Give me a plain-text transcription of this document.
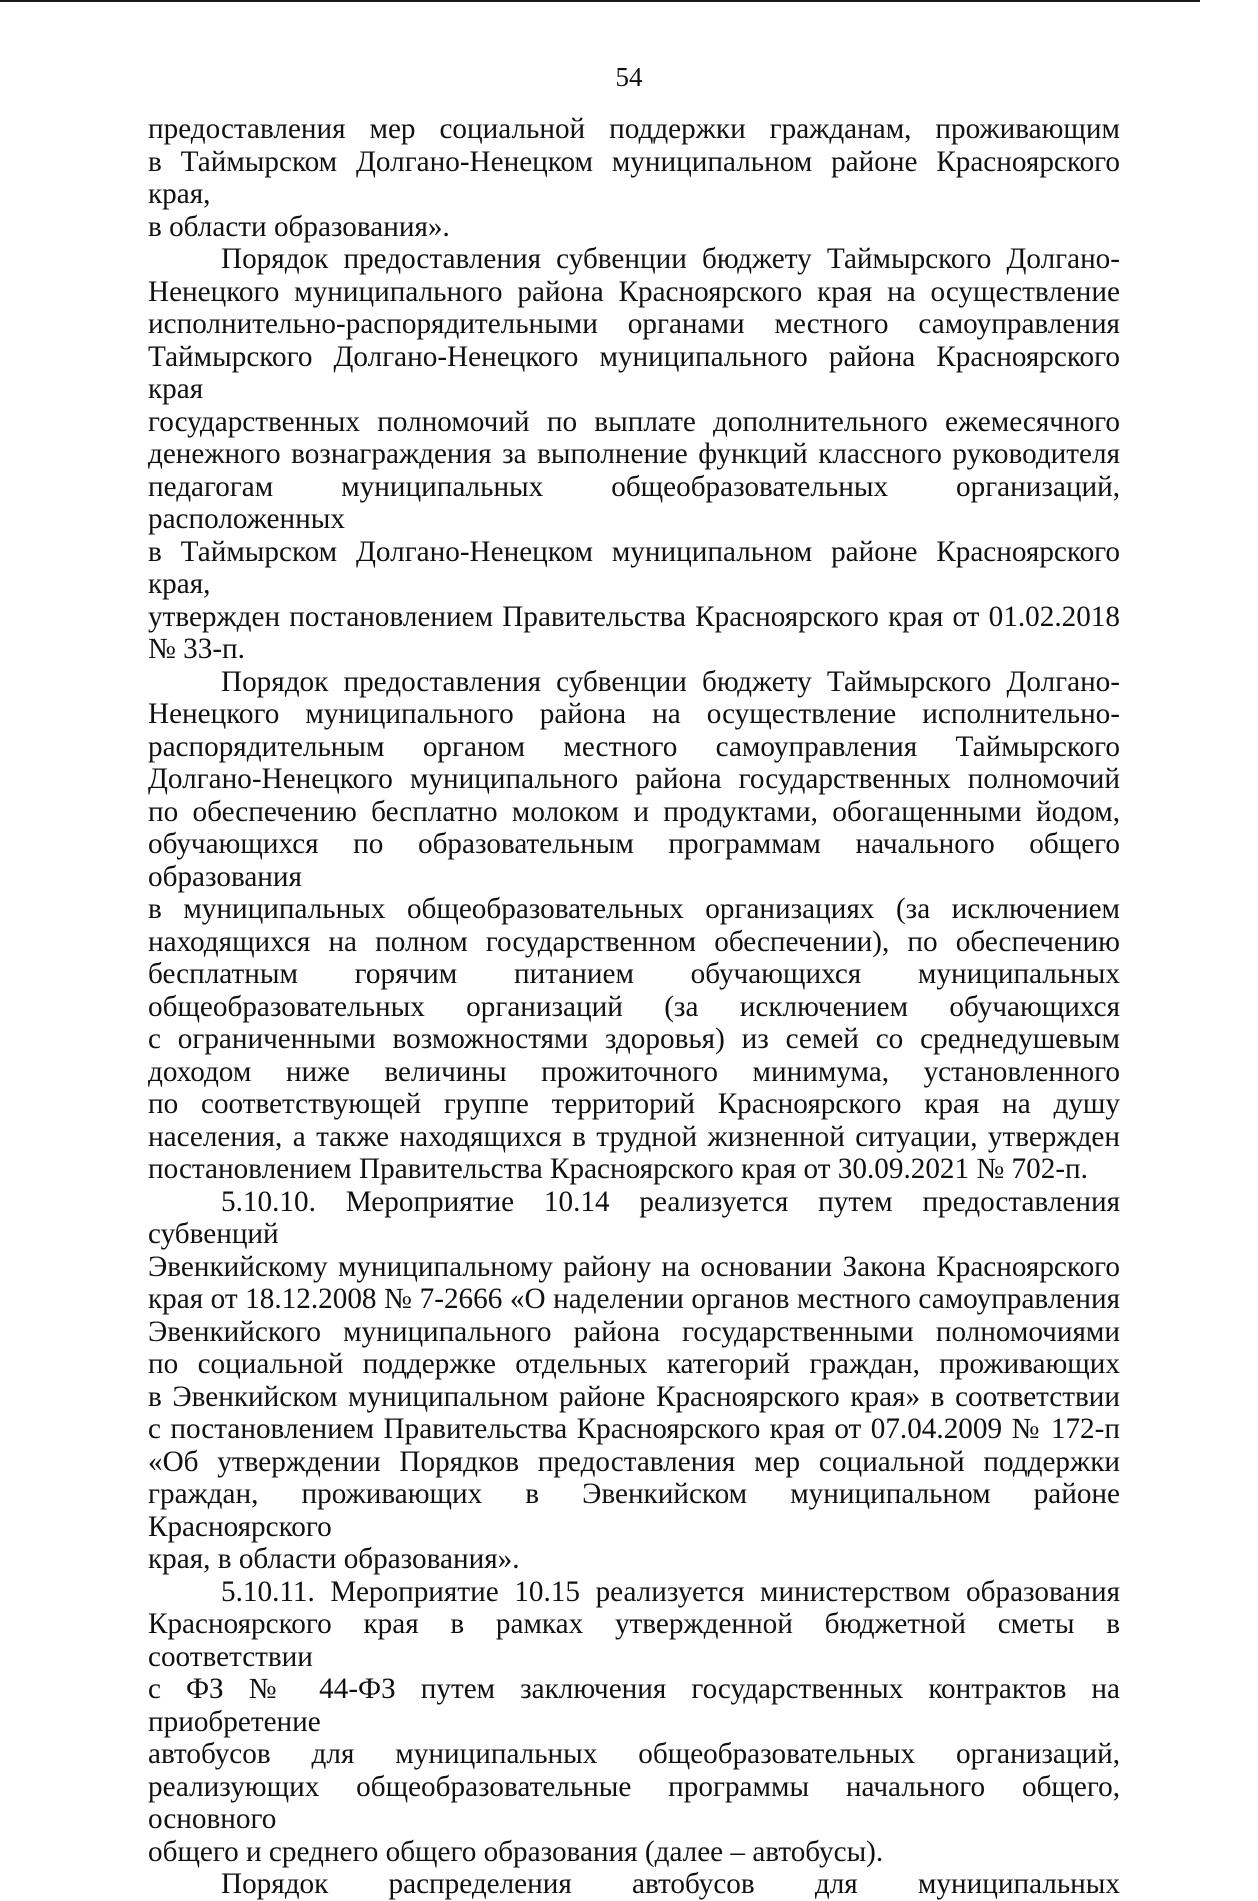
54

предоставления мер социальной поддержки гражданам, проживающим

в Таймырском Долгано-Ненецком муниципальном районе Красноярского края,

в области образования».

Порядок предоставления субвенции бюджету Таймырского Долгано-

Ненецкого муниципального района Красноярского края на осуществление

исполнительно-распорядительными органами местного самоуправления

Таймырского Долгано-Ненецкого муниципального района Красноярского края

государственных полномочий по выплате дополнительного ежемесячного

денежного вознаграждения за выполнение функций классного руководителя

педагогам муниципальных общеобразовательных организаций, расположенных

в Таймырском Долгано-Ненецком муниципальном районе Красноярского края,

утвержден постановлением Правительства Красноярского края от 01.02.2018

№ 33-п.

Порядок предоставления субвенции бюджету Таймырского Долгано-

Ненецкого муниципального района на осуществление исполнительно-

распорядительным органом местного самоуправления Таймырского

Долгано-Ненецкого муниципального района государственных полномочий

по обеспечению бесплатно молоком и продуктами, обогащенными йодом,

обучающихся по образовательным программам начального общего образования

в муниципальных общеобразовательных организациях (за исключением

находящихся на полном государственном обеспечении), по обеспечению

бесплатным горячим питанием обучающихся муниципальных

общеобразовательных организаций (за исключением обучающихся

с ограниченными возможностями здоровья) из семей со среднедушевым

доходом ниже величины прожиточного минимума, установленного

по соответствующей группе территорий Красноярского края на душу

населения, а также находящихся в трудной жизненной ситуации, утвержден

постановлением Правительства Красноярского края от 30.09.2021 № 702-п.

5.10.10. Мероприятие 10.14 реализуется путем предоставления субвенций

Эвенкийскому муниципальному району на основании Закона Красноярского

края от 18.12.2008 № 7-2666 «О наделении органов местного самоуправления

Эвенкийского муниципального района государственными полномочиями

по социальной поддержке отдельных категорий граждан, проживающих

в Эвенкийском муниципальном районе Красноярского края» в соответствии

с постановлением Правительства Красноярского края от 07.04.2009 № 172-п

«Об утверждении Порядков предоставления мер социальной поддержки

граждан, проживающих в Эвенкийском муниципальном районе Красноярского

края, в области образования».

5.10.11. Мероприятие 10.15 реализуется министерством образования

Красноярского края в рамках утвержденной бюджетной сметы в соответствии

с ФЗ № 44-ФЗ путем заключения государственных контрактов на приобретение

автобусов для муниципальных общеобразовательных организаций,

реализующих общеобразовательные программы начального общего, основного

общего и среднего общего образования (далее – автобусы).

Порядок распределения автобусов для муниципальных
